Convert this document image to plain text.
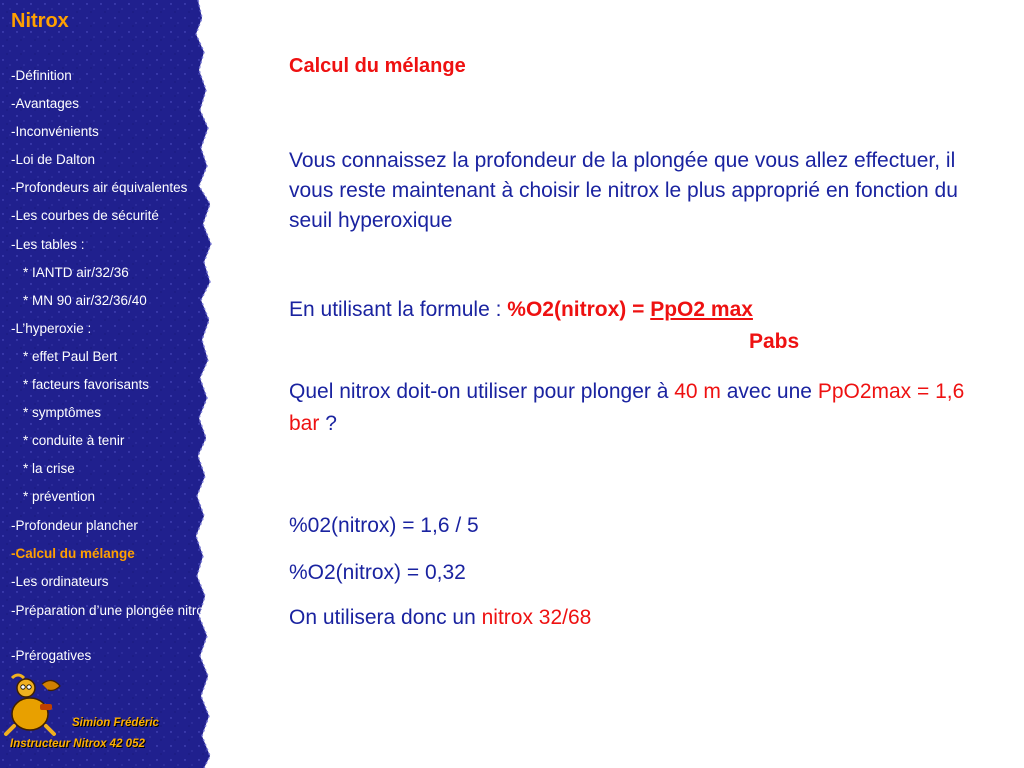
Nitrox
-Définition
-Avantages
-Inconvénients
-Loi de Dalton
-Profondeurs air équivalentes
-Les courbes de sécurité
-Les tables :
* IANTD air/32/36
* MN 90 air/32/36/40
-L’hyperoxie :
* effet Paul Bert
* facteurs favorisants
* symptômes
* conduite à tenir
* la crise
* prévention
-Profondeur plancher
-Calcul du mélange
-Les ordinateurs
-Préparation d’une plongée nitrox
-Prérogatives
Simion Frédéric
Instructeur Nitrox 42 052
Calcul du mélange
Vous connaissez la profondeur de la plongée que vous allez effectuer, il vous reste maintenant à choisir le nitrox le plus approprié en fonction du seuil hyperoxique
En utilisant la formule : %O2(nitrox) = PpO2 max
Pabs
Quel nitrox doit-on utiliser pour plonger à 40 m avec une PpO2max = 1,6 bar ?
%02(nitrox) = 1,6 / 5
%O2(nitrox) = 0,32
On utilisera donc un nitrox 32/68
